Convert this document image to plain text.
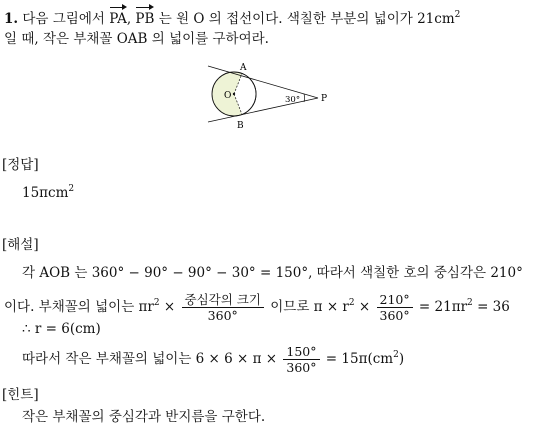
1. 다음 그림에서 PA, PB 는 원 O 의 접선이다. 색칠한 부분의 넓이가 $21cm^2$
일 때, 작은 부채꼴 OAB 의 넓이를 구하여라.
A
B
O	P
30°
[정답]
15πcm$^2$
[해설]
각 AOB 는 360° − 90° − 90° − 30° = 150°, 따라서 색칠한 호의 중심각은 210°
이다. 부채꼴의 넓이는 $\pi r^2 \times \frac{\text{중심각의 크기}}{360^\circ}$ 이므로 $\pi \times r^2 \times \frac{210^\circ}{360^\circ} = 21\pi r^2 = 36$
∴ r = 6(cm)
따라서 작은 부채꼴의 넓이는 $6 \times 6 \times \pi \times \frac{150^\circ}{360^\circ} = 15\pi(cm^2)$
[힌트]
작은 부채꼴의 중심각과 반지름을 구한다.
